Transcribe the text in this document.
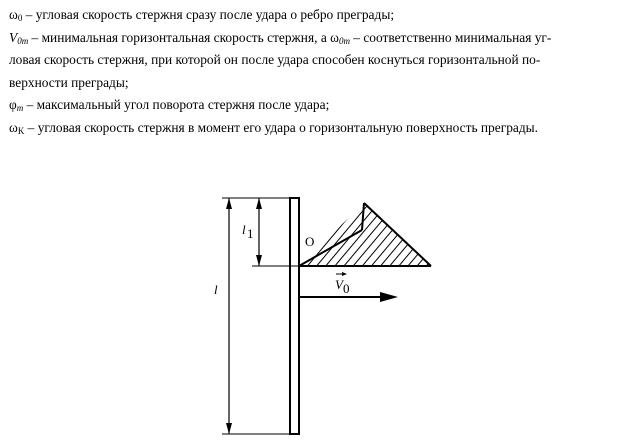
$\omega_0$ – угловая скорость стержня сразу после удара о ребро преграды;

$V_{0m}$ – минимальная горизонтальная скорость стержня, а $\omega_{0m}$ – соответственно минимальная уг-

ловая скорость стержня, при которой он после удара способен коснуться горизонтальной по-

верхности преграды;

$\varphi_m$ – максимальный угол поворота стержня после удара;

$\omega_K$ – угловая скорость стержня в момент его удара о горизонтальную поверхность преграды.

l 1
l
O
V 0
